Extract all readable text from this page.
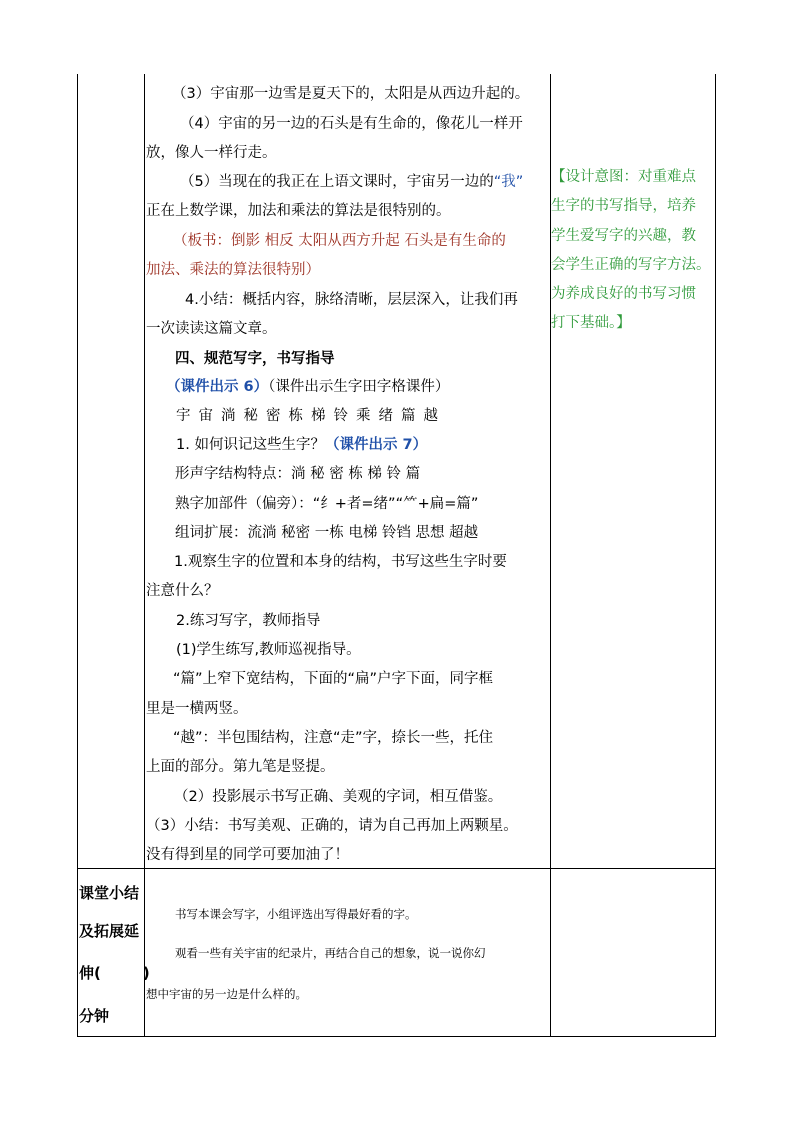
（3）宇宙那一边雪是夏天下的，太阳是从西边升起的。
（4）宇宙的另一边的石头是有生命的，像花儿一样开
放，像人一样行走。
（5）当现在的我正在上语文课时，宇宙另一边的“我”
正在上数学课，加法和乘法的算法是很特别的。
（板书：倒影 相反 太阳从西方升起 石头是有生命的
加法、乘法的算法很特别）
4.小结：概括内容，脉络清晰，层层深入，让我们再
一次读读这篇文章。
四、规范写字，书写指导
（课件出示 6）（课件出示生字田字格课件）
宇 宙 淌 秘 密 栋 梯 铃 乘 绪 篇 越
1. 如何识记这些生字？（课件出示 7）
形声字结构特点：淌 秘 密 栋 梯 铃 篇
熟字加部件（偏旁）：“纟+者=绪”“⺮+扁=篇”
组词扩展：流淌 秘密 一栋 电梯 铃铛 思想 超越
1.观察生字的位置和本身的结构，书写这些生字时要
注意什么？
2.练习写字，教师指导
(1)学生练写,教师巡视指导。
“篇”上窄下宽结构，下面的“扁”户字下面，同字框
里是一横两竖。
“越”：半包围结构，注意“走”字，捺长一些，托住
上面的部分。第九笔是竖提。
（2）投影展示书写正确、美观的字词，相互借鉴。
（3）小结：书写美观、正确的，请为自己再加上两颗星。
没有得到星的同学可要加油了！
【设计意图：对重难点
生字的书写指导，培养
学生爱写字的兴趣，教
会学生正确的写字方法。
为养成良好的书写习惯
打下基础。】
课堂小结
及拓展延
伸(	)
分钟
书写本课会写字，小组评选出写得最好看的字。
观看一些有关宇宙的纪录片，再结合自己的想象，说一说你幻
想中宇宙的另一边是什么样的。
